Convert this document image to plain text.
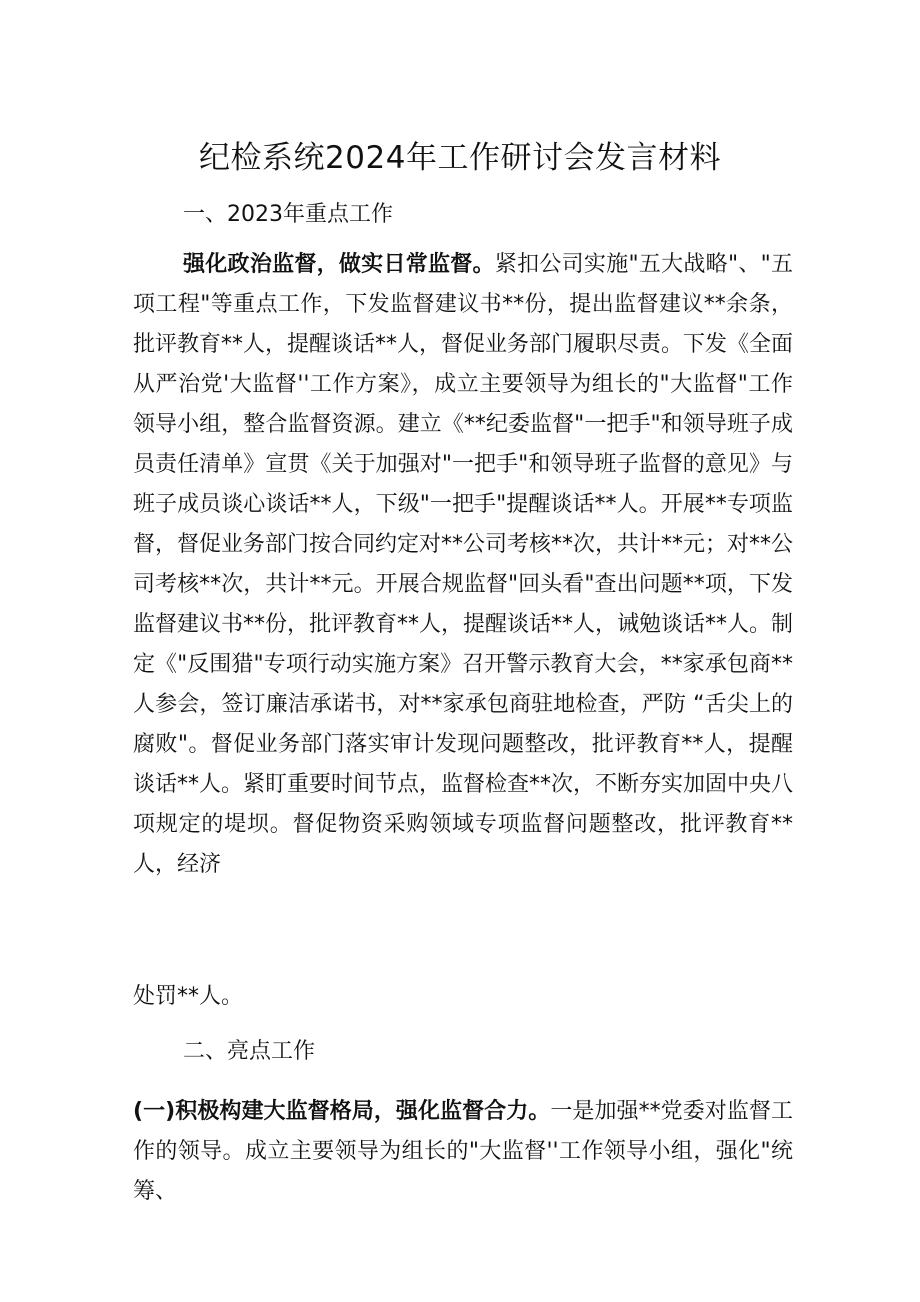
纪检系统2024年工作研讨会发言材料

一、2023年重点工作

强化政治监督，做实日常监督。紧扣公司实施"五大战略"、"五项工程"等重点工作，下发监督建议书**份，提出监督建议**余条，批评教育**人，提醒谈话**人，督促业务部门履职尽责。下发《全面从严治党'大监督''工作方案》，成立主要领导为组长的"大监督"工作领导小组，整合监督资源。建立《**纪委监督"一把手"和领导班子成员责任清单》宣贯《关于加强对"一把手"和领导班子监督的意见》与班子成员谈心谈话**人，下级"一把手"提醒谈话**人。开展**专项监督，督促业务部门按合同约定对**公司考核**次，共计**元；对**公司考核**次，共计**元。开展合规监督"回头看"查出问题**项，下发监督建议书**份，批评教育**人，提醒谈话**人，诫勉谈话**人。制定《"反围猎"专项行动实施方案》召开警示教育大会，**家承包商**人参会，签订廉洁承诺书，对**家承包商驻地检查，严防 “舌尖上的腐败"。督促业务部门落实审计发现问题整改，批评教育**人，提醒谈话**人。紧盯重要时间节点，监督检查**次，不断夯实加固中央八项规定的堤坝。督促物资采购领域专项监督问题整改，批评教育**人，经济

处罚**人。

二、亮点工作

(一)积极构建大监督格局，强化监督合力。一是加强**党委对监督工作的领导。成立主要领导为组长的"大监督''工作领导小组，强化"统筹、
